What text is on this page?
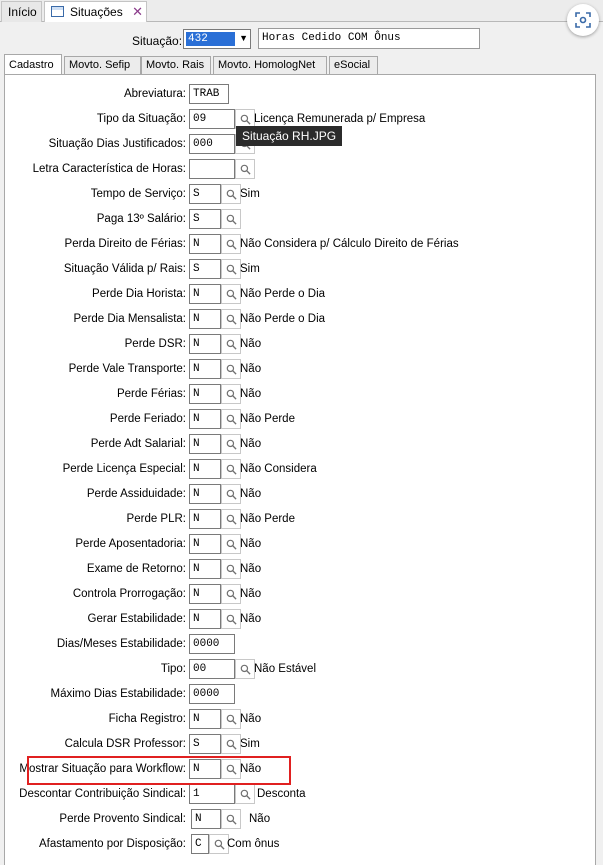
Início	Situações ✕
Situação: 432	▼	Horas Cedido COM Ônus
Cadastro	Movto. Sefip	Movto. Rais	Movto. HomologNet	eSocial
Abreviatura: TRAB
Tipo da Situação: 09	Licença Remunerada p/ Empresa
Situação Dias Justificados: 000
Letra Característica de Horas:
Tempo de Serviço: S	Sim
Paga 13º Salário: S
Perda Direito de Férias: N	Não Considera p/ Cálculo Direito de Férias
Situação Válida p/ Rais: S	Sim
Perde Dia Horista: N	Não Perde o Dia
Perde Dia Mensalista: N	Não Perde o Dia
Perde DSR: N	Não
Perde Vale Transporte: N	Não
Perde Férias: N	Não
Perde Feriado: N	Não Perde
Perde Adt Salarial: N	Não
Perde Licença Especial: N	Não Considera
Perde Assiduidade: N	Não
Perde PLR: N	Não Perde
Perde Aposentadoria: N	Não
Exame de Retorno: N	Não
Controla Prorrogação: N	Não
Gerar Estabilidade: N	Não
Dias/Meses Estabilidade: 0000
Tipo: 00	Não Estável
Máximo Dias Estabilidade: 0000
Ficha Registro: N	Não
Calcula DSR Professor: S	Sim
Mostrar Situação para Workflow: N	Não
Descontar Contribuição Sindical: 1	Desconta
Perde Provento Sindical: N	Não
Afastamento por Disposição: C	Com ônus
Situação RH.JPG
